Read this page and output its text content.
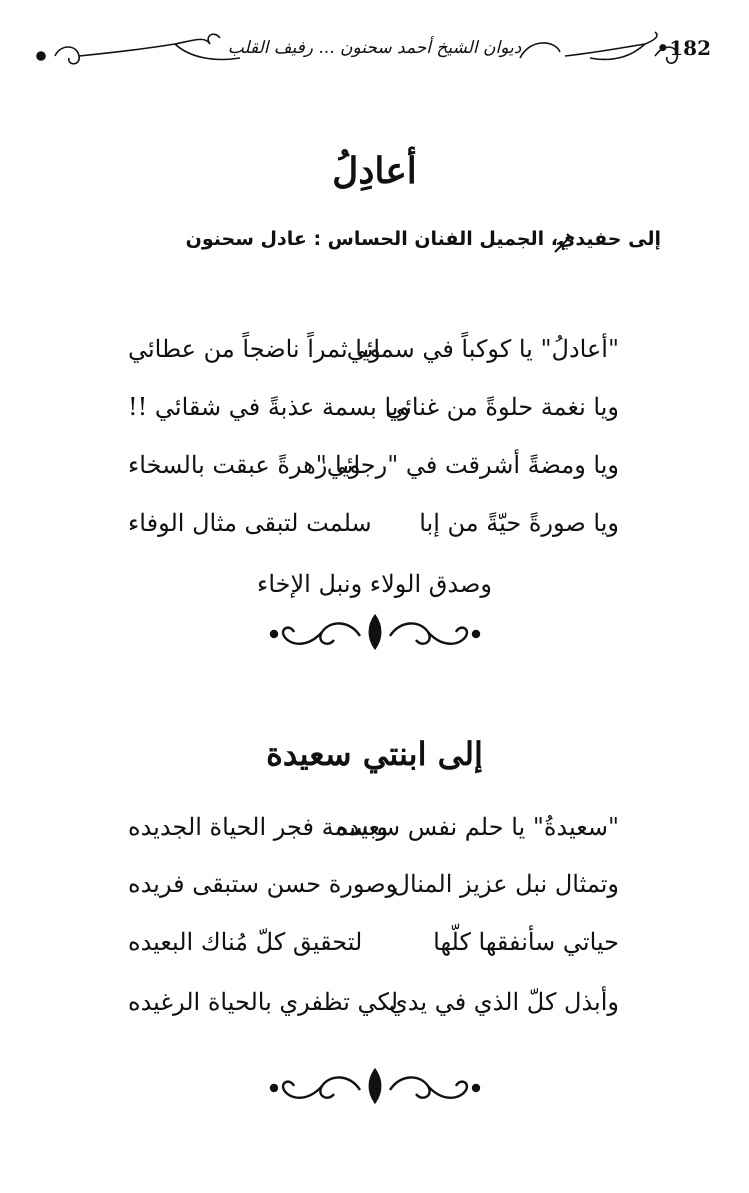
•182
ديوان الشيخ أحمد سحنون ... رفيف القلب
أعادِلُ
إلى حفيدي، الجميل الفنان الحساس : عادل سحنون
"أعادلُ" يا كوكباً في سمائي
ويا ثمراً ناضجاً من عطائي
ويا نغمة حلوةً من غنائي
ويا بسمة عذبةً في شقائي !!
ويا ومضةً أشرقت في "رجائي"
ويا زهرةً عبقت بالسخاء
ويا صورةً حيّةً من إبا
سلمت لتبقى مثال الوفاء
وصدق الولاء ونبل الإخاء
إلى ابنتي سعيدة
"سعيدةُ" يا حلم نفس سعيده
وبسمة فجر الحياة الجديده
وتمثال نبل عزيز المنال
وصورة حسن ستبقى فريده
حياتي سأنفقها كلّها
لتحقيق كلّ مُناك البعيده
وأبذل كلّ الذي في يدي
لكي تظفري بالحياة الرغيده
